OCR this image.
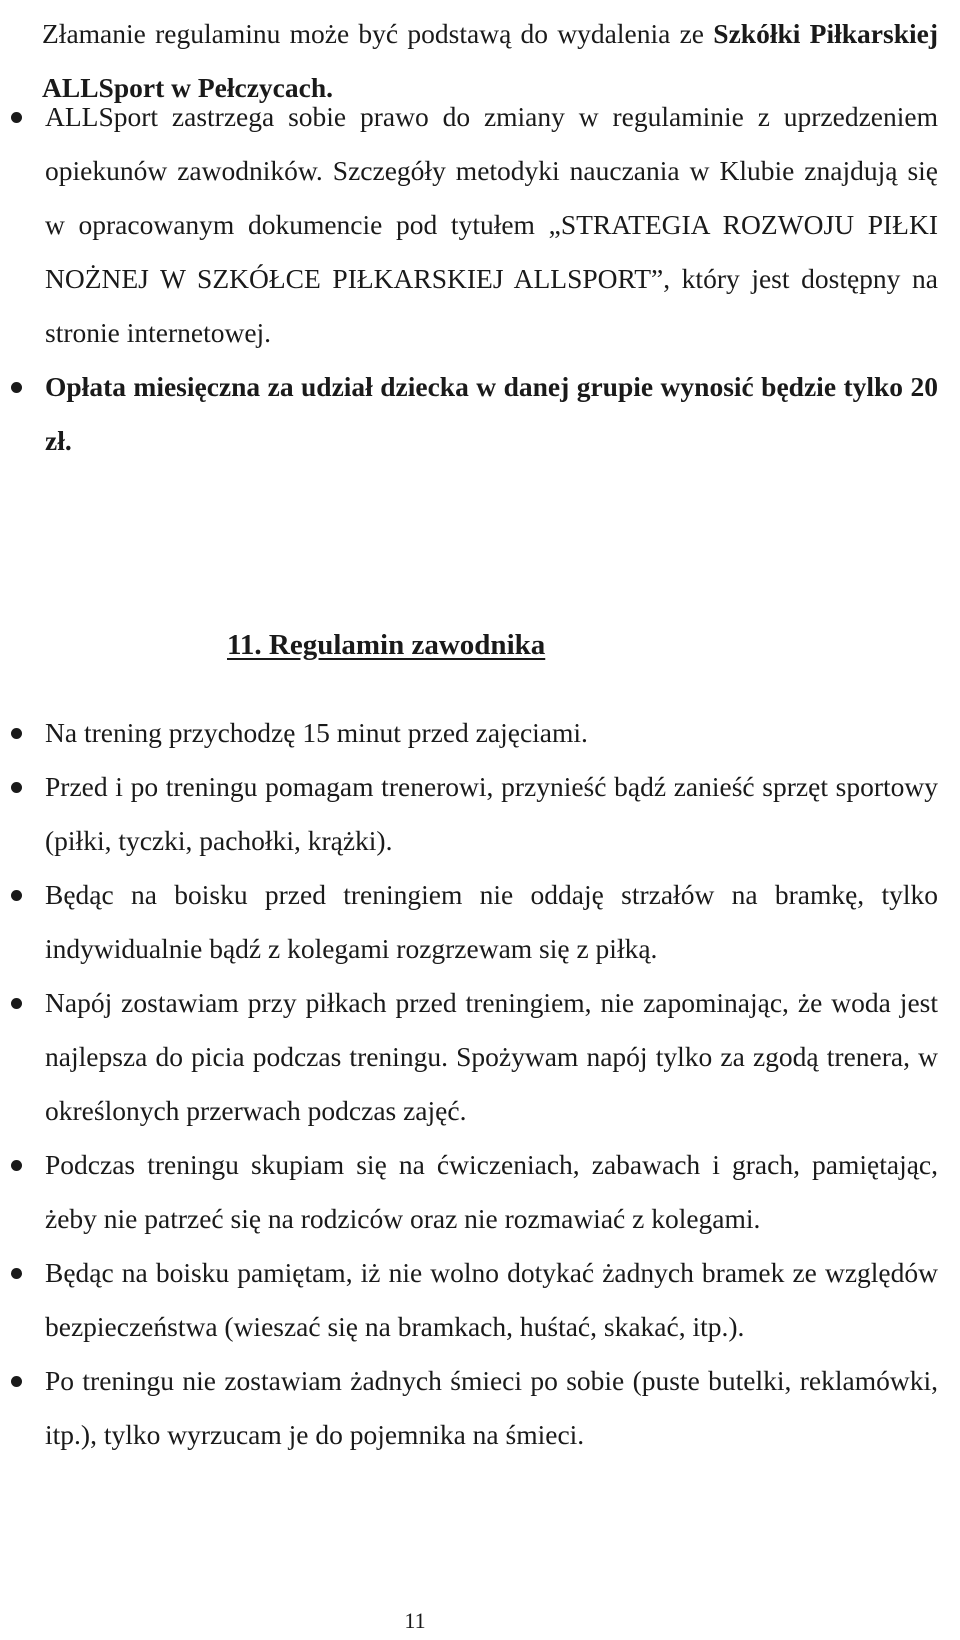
Złamanie regulaminu może być podstawą do wydalenia ze Szkółki Piłkarskiej ALLSport w Pełczycach.
ALLSport zastrzega sobie prawo do zmiany w regulaminie z uprzedzeniem opiekunów zawodników. Szczegóły metodyki nauczania w Klubie znajdują się w opracowanym dokumencie pod tytułem „STRATEGIA ROZWOJU PIŁKI NOŻNEJ W SZKÓŁCE PIŁKARSKIEJ ALLSPORT”, który jest dostępny na stronie internetowej.
Opłata miesięczna za udział dziecka w danej grupie wynosić będzie tylko 20 zł.
11. Regulamin zawodnika
Na trening przychodzę 15 minut przed zajęciami.
Przed i po treningu pomagam trenerowi, przynieść bądź zanieść sprzęt sportowy (piłki, tyczki, pachołki, krążki).
Będąc na boisku przed treningiem nie oddaję strzałów na bramkę, tylko indywidualnie bądź z kolegami rozgrzewam się z piłką.
Napój zostawiam przy piłkach przed treningiem, nie zapominając, że woda jest najlepsza do picia podczas treningu. Spożywam napój tylko za zgodą trenera, w określonych przerwach podczas zajęć.
Podczas treningu skupiam się na ćwiczeniach, zabawach i grach, pamiętając, żeby nie patrzeć się na rodziców oraz nie rozmawiać z kolegami.
Będąc na boisku pamiętam, iż nie wolno dotykać żadnych bramek ze względów bezpieczeństwa (wieszać się na bramkach, huśtać, skakać, itp.).
Po treningu nie zostawiam żadnych śmieci po sobie (puste butelki, reklamówki, itp.), tylko wyrzucam je do pojemnika na śmieci.
11
